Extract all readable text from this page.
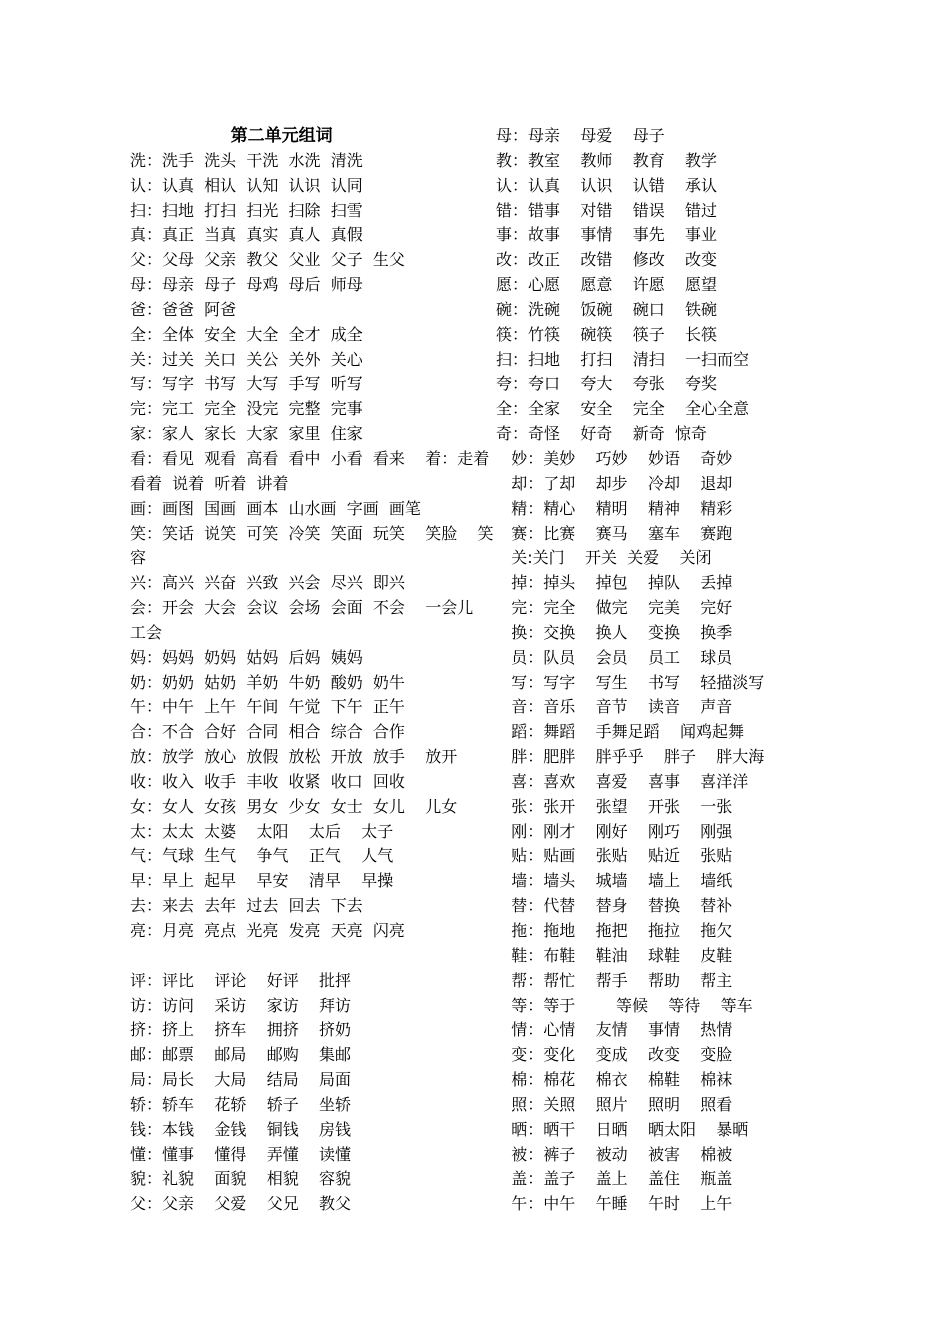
第二单元组词
洗：洗手  洗头  干洗  水洗  清洗
认：认真  相认  认知  认识  认同
扫：扫地  打扫  扫光  扫除  扫雪
真：真正  当真  真实  真人  真假
父：父母  父亲  教父  父业  父子  生父
母：母亲  母子  母鸡  母后  师母
爸：爸爸  阿爸
全：全体  安全  大全  全才  成全
关：过关  关口  关公  关外  关心
写：写字  书写  大写  手写  听写
完：完工  完全  没完  完整  完事
家：家人  家长  大家  家里  住家
看：看见  观看  高看  看中  小看  看来    着：走着
看着  说着  听着  讲着
画：画图  国画  画本  山水画  字画  画笔
笑：笑话  说笑  可笑  冷笑  笑面  玩笑    笑脸    笑
容
兴：高兴  兴奋  兴致  兴会  尽兴  即兴
会：开会  大会  会议  会场  会面  不会    一会儿
工会
妈：妈妈  奶妈  姑妈  后妈  姨妈
奶：奶奶  姑奶  羊奶  牛奶  酸奶  奶牛
午：中午  上午  午间  午觉  下午  正午
合：不合  合好  合同  相合  综合  合作
放：放学  放心  放假  放松  开放  放手    放开
收：收入  收手  丰收  收紧  收口  回收
女：女人  女孩  男女  少女  女士  女儿    儿女
太：太太  太婆    太阳    太后    太子
气：气球  生气    争气    正气    人气
早：早上  起早    早安    清早    早操
去：来去  去年  过去  回去  下去
亮：月亮  亮点  光亮  发亮  天亮  闪亮
评：评比    评论    好评    批抨
访：访问    采访    家访    拜访
挤：挤上    挤车    拥挤    挤奶
邮：邮票    邮局    邮购    集邮
局：局长    大局    结局    局面
轿：轿车    花轿    轿子    坐轿
钱：本钱    金钱    铜钱    房钱
懂：懂事    懂得    弄懂    读懂
貌：礼貌    面貌    相貌    容貌
父：父亲    父爱    父兄    教父
母：母亲    母爱    母子
教：教室    教师    教育    教学
认：认真    认识    认错    承认
错：错事    对错    错误    错过
事：故事    事情    事先    事业
改：改正    改错    修改    改变
愿：心愿    愿意    许愿    愿望
碗：洗碗    饭碗    碗口    铁碗
筷：竹筷    碗筷    筷子    长筷
扫：扫地    打扫    清扫    一扫而空
夸：夸口    夸大    夸张    夸奖
全：全家    安全    完全    全心全意
奇：奇怪    好奇    新奇  惊奇
妙：美妙    巧妙    妙语    奇妙
却：了却    却步    冷却    退却
精：精心    精明    精神    精彩
赛：比赛    赛马    塞车    赛跑
关:关门    开关  关爱    关闭
掉：掉头    掉包    掉队    丢掉
完：完全    做完    完美    完好
换：交换    换人    变换    换季
员：队员    会员    员工    球员
写：写字    写生    书写    轻描淡写
音：音乐    音节    读音    声音
蹈：舞蹈    手舞足蹈    闻鸡起舞
胖：肥胖    胖乎乎    胖子    胖大海
喜：喜欢    喜爱    喜事    喜洋洋
张：张开    张望    开张    一张
刚：刚才    刚好    刚巧    刚强
贴：贴画    张贴    贴近    张贴
墙：墙头    城墙    墙上    墙纸
替：代替    替身    替换    替补
拖：拖地    拖把    拖拉    拖欠
鞋：布鞋    鞋油    球鞋    皮鞋
帮：帮忙    帮手    帮助    帮主
等：等于        等候    等待    等车
情：心情    友情    事情    热情
变：变化    变成    改变    变脸
棉：棉花    棉衣    棉鞋    棉袜
照：关照    照片    照明    照看
晒：晒干    日晒    晒太阳    暴晒
被：裤子    被动    被害    棉被
盖：盖子    盖上    盖住    瓶盖
午：中午    午睡    午时    上午
